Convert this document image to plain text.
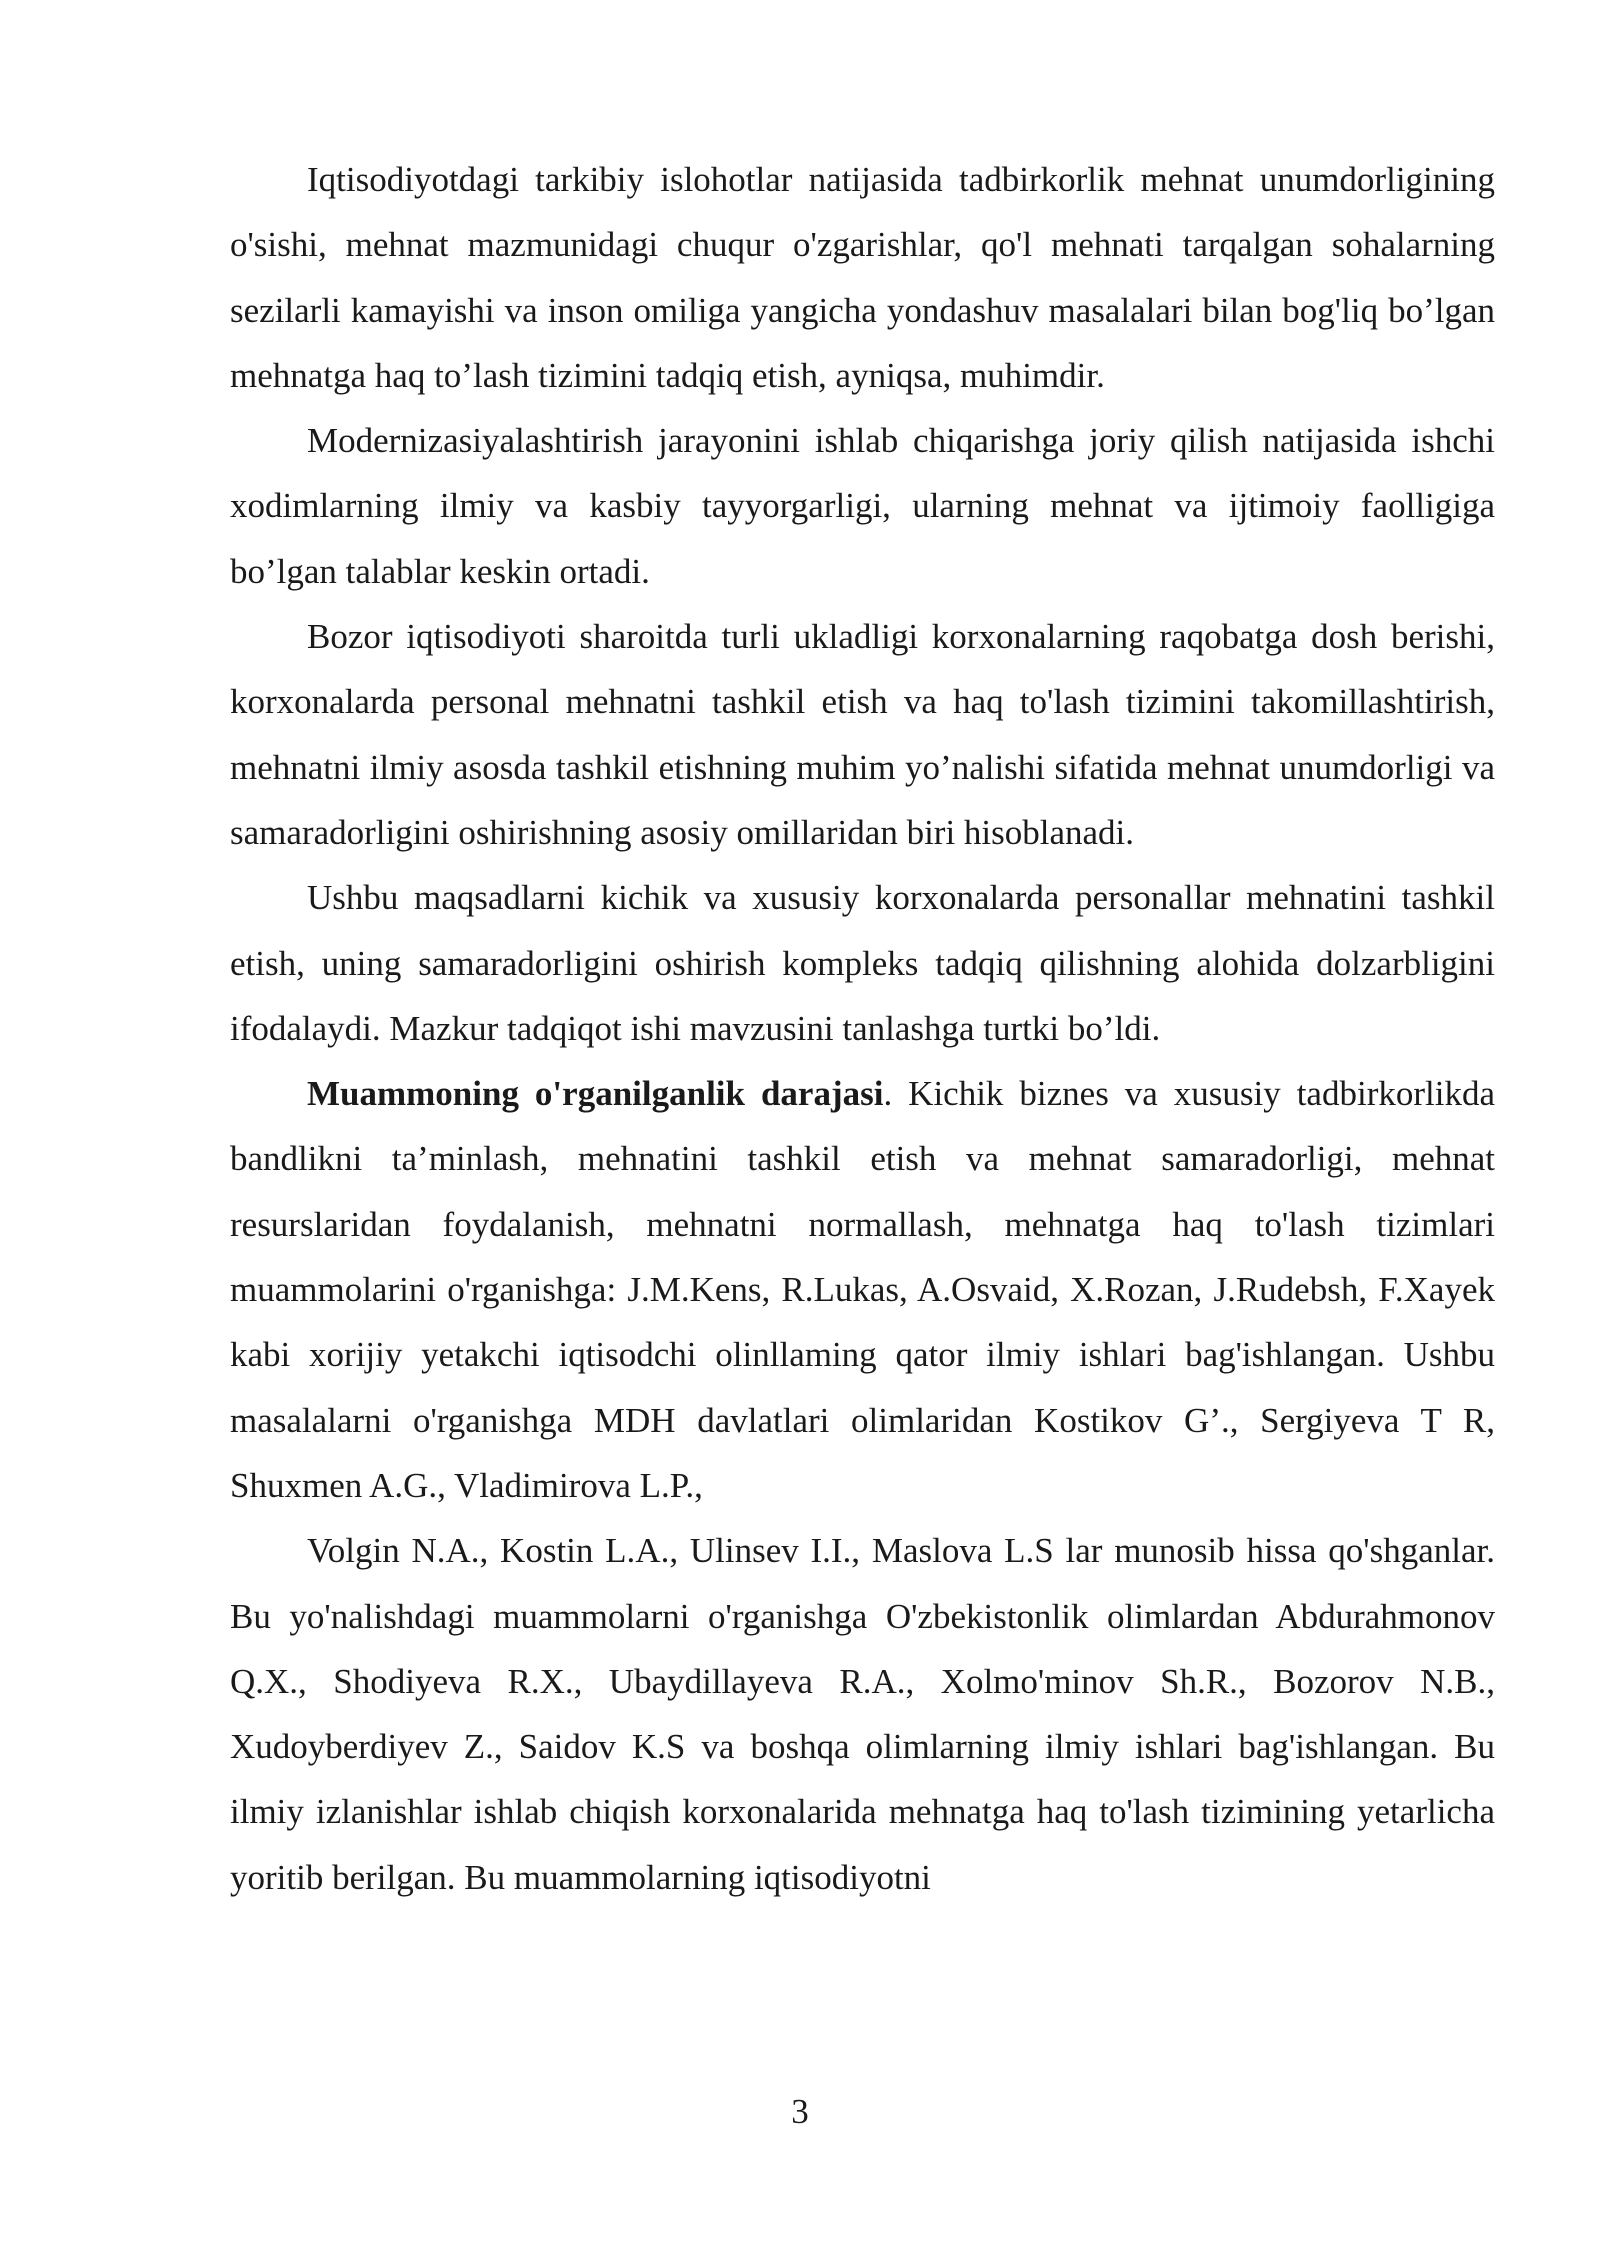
Iqtisodiyotdagi tarkibiy islohotlar natijasida tadbirkorlik mehnat unumdorligining o'sishi, mehnat mazmunidagi chuqur o'zgarishlar, qo'l mehnati tarqalgan sohalarning sezilarli kamayishi va inson omiliga yangicha yondashuv masalalari bilan bog'liq bo’lgan mehnatga haq to’lash tizimini tadqiq etish, ayniqsa, muhimdir.

Modernizasiyalashtirish jarayonini ishlab chiqarishga joriy qilish natijasida ishchi xodimlarning ilmiy va kasbiy tayyorgarligi, ularning mehnat va ijtimoiy faolligiga bo’lgan talablar keskin ortadi.

Bozor iqtisodiyoti sharoitda turli ukladligi korxonalarning raqobatga dosh berishi, korxonalarda personal mehnatni tashkil etish va haq to'lash tizimini takomillashtirish, mehnatni ilmiy asosda tashkil etishning muhim yo’nalishi sifatida mehnat unumdorligi va samaradorligini oshirishning asosiy omillaridan biri hisoblanadi.

Ushbu maqsadlarni kichik va xususiy korxonalarda personallar mehnatini tashkil etish, uning samaradorligini oshirish kompleks tadqiq qilishning alohida dolzarbligini ifodalaydi. Mazkur tadqiqot ishi mavzusini tanlashga turtki bo’ldi.

Muammoning o'rganilganlik darajasi. Kichik biznes va xususiy tadbirkorlikda bandlikni ta’minlash, mehnatini tashkil etish va mehnat samaradorligi, mehnat resurslaridan foydalanish, mehnatni normallash, mehnatga haq to'lash tizimlari muammolarini o'rganishga: J.M.Kens, R.Lukas, A.Osvaid, X.Rozan, J.Rudebsh, F.Xayek kabi xorijiy yetakchi iqtisodchi olinllaming qator ilmiy ishlari bag'ishlangan. Ushbu masalalarni o'rganishga MDH davlatlari olimlaridan Kostikov G’., Sergiyeva T R, Shuxmen A.G., Vladimirova L.P.,

Volgin N.A., Kostin L.A., Ulinsev I.I., Maslova L.S lar munosib hissa qo'shganlar. Bu yo'nalishdagi muammolarni o'rganishga O'zbekistonlik olimlardan Abdurahmonov Q.X., Shodiyeva R.X., Ubaydillayeva R.A., Xolmo'minov Sh.R., Bozorov N.B., Xudoyberdiyev Z., Saidov K.S va boshqa olimlarning ilmiy ishlari bag'ishlangan. Bu ilmiy izlanishlar ishlab chiqish korxonalarida mehnatga haq to'lash tizimining yetarlicha yoritib berilgan. Bu muammolarning iqtisodiyotni

3
